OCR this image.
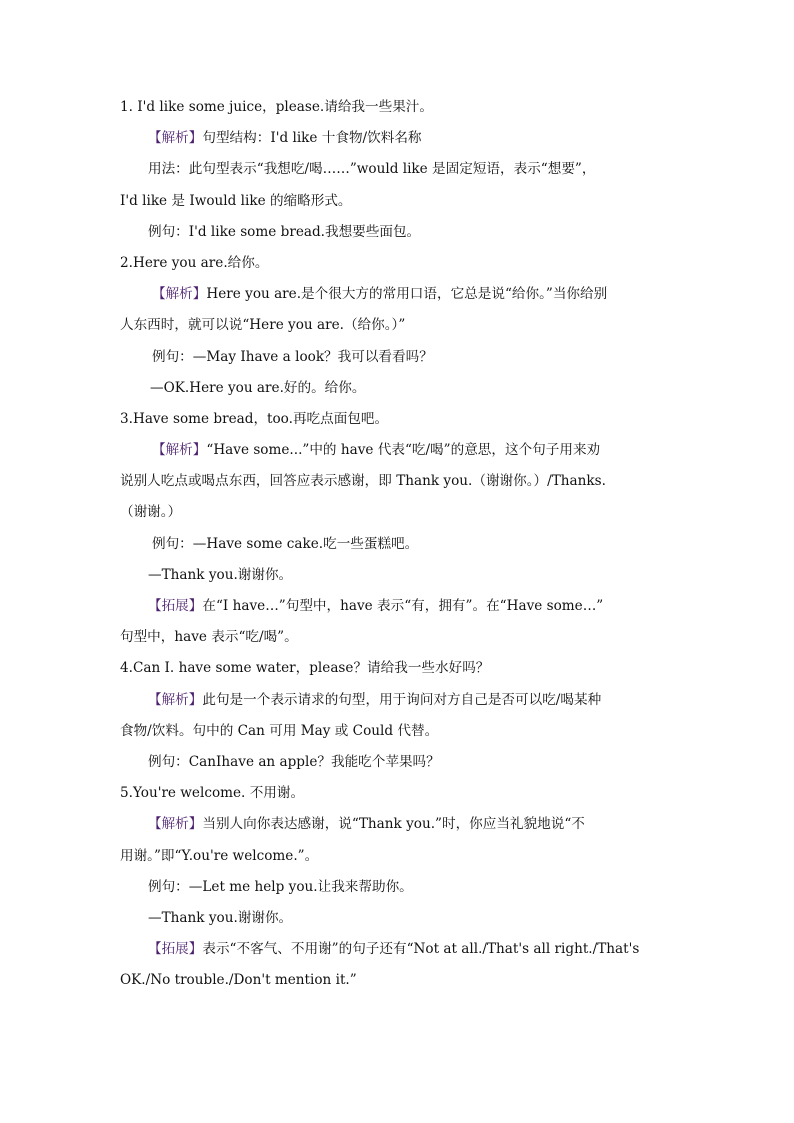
1. I'd like some juice，please.请给我一些果汁。
【解析】句型结构：I'd like 十食物/饮料名称
用法：此句型表示“我想吃/喝……”would like 是固定短语，表示“想要”，
I'd like 是 Iwould like 的缩略形式。
例句：I'd like some bread.我想要些面包。
2.Here you are.给你。
【解析】Here you are.是个很大方的常用口语，它总是说“给你。”当你给别
人东西时，就可以说“Here you are.（给你。）”
例句：—May Ihave a look？我可以看看吗？
—OK.Here you are.好的。给你。
3.Have some bread，too.再吃点面包吧。
【解析】“Have some...”中的 have 代表“吃/喝”的意思，这个句子用来劝
说别人吃点或喝点东西，回答应表示感谢，即 Thank you.（谢谢你。）/Thanks.
（谢谢。）
例句：—Have some cake.吃一些蛋糕吧。
—Thank you.谢谢你。
【拓展】在“I have…”句型中，have 表示“有，拥有”。在“Have some…”
句型中，have 表示“吃/喝”。
4.Can I. have some water，please？请给我一些水好吗？
【解析】此句是一个表示请求的句型，用于询问对方自己是否可以吃/喝某种
食物/饮料。句中的 Can 可用 May 或 Could 代替。
例句：CanIhave an apple？我能吃个苹果吗？
5.You're welcome. 不用谢。
【解析】当别人向你表达感谢，说“Thank you.”时，你应当礼貌地说“不
用谢。”即“Y.ou're welcome.”。
例句：—Let me help you.让我来帮助你。
—Thank you.谢谢你。
【拓展】表示“不客气、不用谢”的句子还有“Not at all./That's all right./That's
OK./No trouble./Don't mention it.”
